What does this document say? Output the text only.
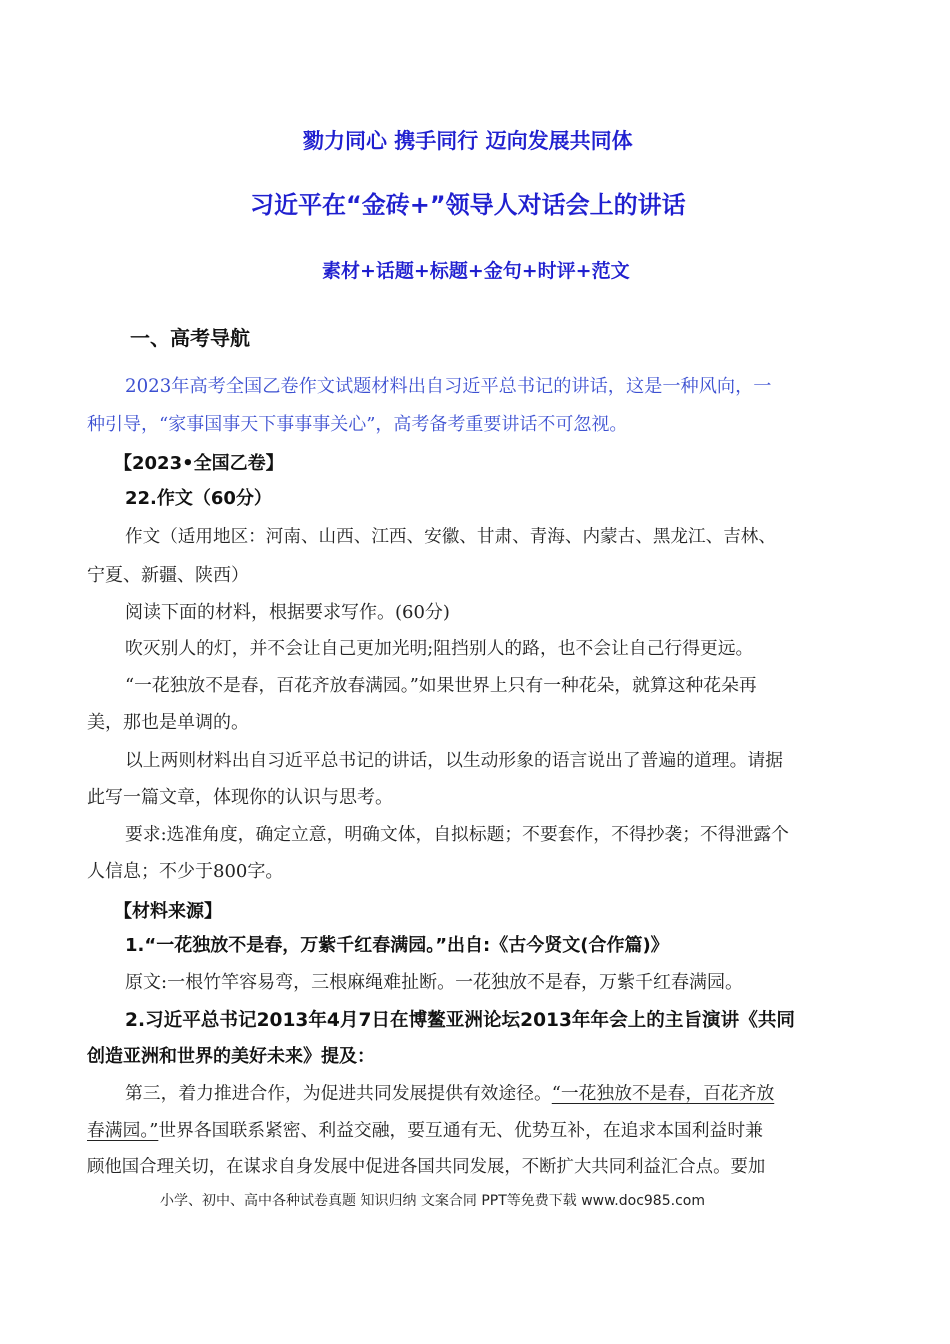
勠力同心 携手同行 迈向发展共同体
习近平在“金砖+”领导人对话会上的讲话
素材+话题+标题+金句+时评+范文
一、高考导航
2023年高考全国乙卷作文试题材料出自习近平总书记的讲话，这是一种风向，一
种引导，“家事国事天下事事事关心”，高考备考重要讲话不可忽视。
【2023•全国乙卷】
22.作文（60分）
作文（适用地区：河南、山西、江西、安徽、甘肃、青海、内蒙古、黑龙江、吉林、
宁夏、新疆、陕西）
阅读下面的材料，根据要求写作。(60分)
吹灭别人的灯，并不会让自己更加光明;阻挡别人的路，也不会让自己行得更远。
“一花独放不是春，百花齐放春满园。”如果世界上只有一种花朵，就算这种花朵再
美，那也是单调的。
以上两则材料出自习近平总书记的讲话，以生动形象的语言说出了普遍的道理。请据
此写一篇文章，体现你的认识与思考。
要求:选准角度，确定立意，明确文体，自拟标题；不要套作，不得抄袭；不得泄露个
人信息；不少于800字。
【材料来源】
1.“一花独放不是春，万紫千红春满园。”出自:《古今贤文(合作篇)》
原文:一根竹竿容易弯，三根麻绳难扯断。一花独放不是春，万紫千红春满园。
2.习近平总书记2013年4月7日在博鳌亚洲论坛2013年年会上的主旨演讲《共同
创造亚洲和世界的美好未来》提及：
第三，着力推进合作，为促进共同发展提供有效途径。“一花独放不是春，百花齐放
春满园。”世界各国联系紧密、利益交融，要互通有无、优势互补，在追求本国利益时兼
顾他国合理关切，在谋求自身发展中促进各国共同发展，不断扩大共同利益汇合点。要加
小学、初中、高中各种试卷真题 知识归纳 文案合同 PPT等免费下载 www.doc985.com
